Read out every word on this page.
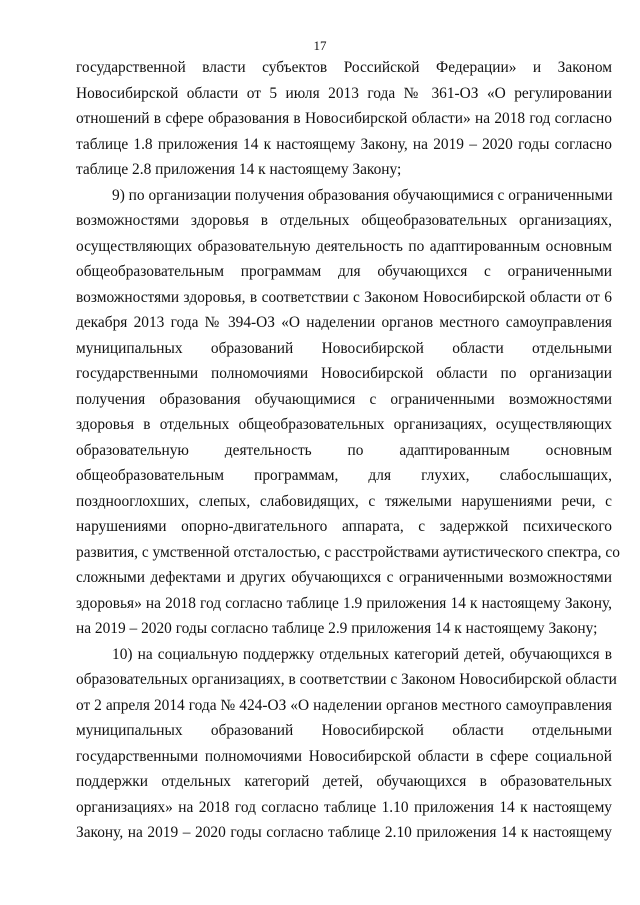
17
государственной власти субъектов Российской Федерации» и Законом
Новосибирской области от 5 июля 2013 года № 361-ОЗ «О регулировании
отношений в сфере образования в Новосибирской области» на 2018 год согласно
таблице 1.8 приложения 14 к настоящему Закону, на 2019 – 2020 годы согласно
таблице 2.8 приложения 14 к настоящему Закону;
9) по организации получения образования обучающимися с ограниченными
возможностями здоровья в отдельных общеобразовательных организациях,
осуществляющих образовательную деятельность по адаптированным основным
общеобразовательным программам для обучающихся с ограниченными
возможностями здоровья, в соответствии с Законом Новосибирской области от 6
декабря 2013 года № 394-ОЗ «О наделении органов местного самоуправления
муниципальных образований Новосибирской области отдельными
государственными полномочиями Новосибирской области по организации
получения образования обучающимися с ограниченными возможностями
здоровья в отдельных общеобразовательных организациях, осуществляющих
образовательную деятельность по адаптированным основным
общеобразовательным программам, для глухих, слабослышащих,
позднооглохших, слепых, слабовидящих, с тяжелыми нарушениями речи, с
нарушениями опорно-двигательного аппарата, с задержкой психического
развития, с умственной отсталостью, с расстройствами аутистического спектра, со
сложными дефектами и других обучающихся с ограниченными возможностями
здоровья» на 2018 год согласно таблице 1.9 приложения 14 к настоящему Закону,
на 2019 – 2020 годы согласно таблице 2.9 приложения 14 к настоящему Закону;
10) на социальную поддержку отдельных категорий детей, обучающихся в
образовательных организациях, в соответствии с Законом Новосибирской области
от 2 апреля 2014 года № 424-ОЗ «О наделении органов местного самоуправления
муниципальных образований Новосибирской области отдельными
государственными полномочиями Новосибирской области в сфере социальной
поддержки отдельных категорий детей, обучающихся в образовательных
организациях» на 2018 год согласно таблице 1.10 приложения 14 к настоящему
Закону, на 2019 – 2020 годы согласно таблице 2.10 приложения 14 к настоящему
